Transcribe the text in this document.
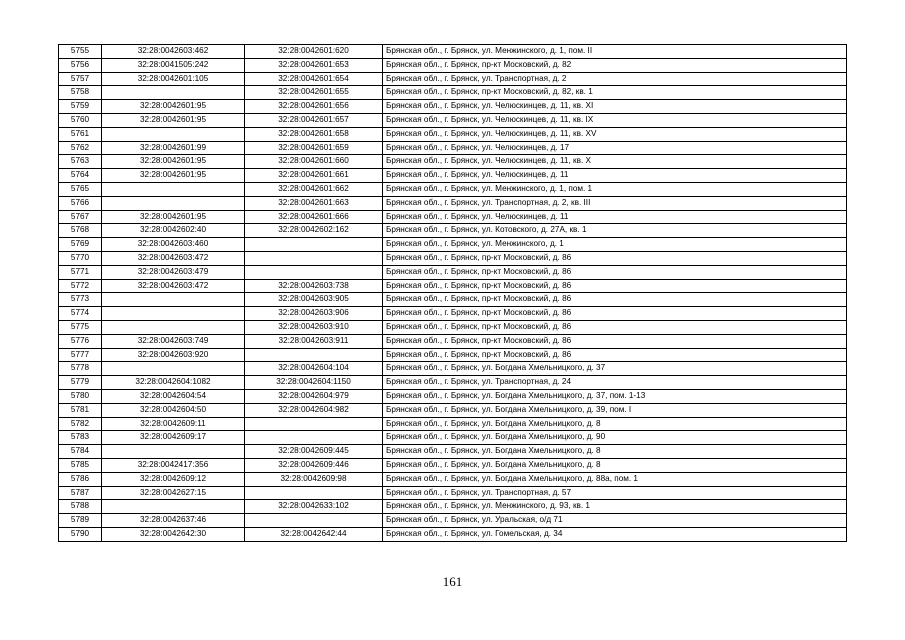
5755	32:28:0042603:462	32:28:0042601:620	Брянская обл., г. Брянск, ул. Менжинского, д. 1, пом. II
5756	32:28:0041505:242	32:28:0042601:653	Брянская обл., г. Брянск, пр-кт Московский, д. 82
5757	32:28:0042601:105	32:28:0042601:654	Брянская обл., г. Брянск, ул. Транспортная, д. 2
5758		32:28:0042601:655	Брянская обл., г. Брянск, пр-кт Московский, д. 82, кв. 1
5759	32:28:0042601:95	32:28:0042601:656	Брянская обл., г. Брянск, ул. Челюскинцев, д. 11, кв. XI
5760	32:28:0042601:95	32:28:0042601:657	Брянская обл., г. Брянск, ул. Челюскинцев, д. 11, кв. IX
5761		32:28:0042601:658	Брянская обл., г. Брянск, ул. Челюскинцев, д. 11, кв. XV
5762	32:28:0042601:99	32:28:0042601:659	Брянская обл., г. Брянск, ул. Челюскинцев, д. 17
5763	32:28:0042601:95	32:28:0042601:660	Брянская обл., г. Брянск, ул. Челюскинцев, д. 11, кв. X
5764	32:28:0042601:95	32:28:0042601:661	Брянская обл., г. Брянск, ул. Челюскинцев, д. 11
5765		32:28:0042601:662	Брянская обл., г. Брянск, ул. Менжинского, д. 1, пом. 1
5766		32:28:0042601:663	Брянская обл., г. Брянск, ул. Транспортная, д. 2, кв. III
5767	32:28:0042601:95	32:28:0042601:666	Брянская обл., г. Брянск, ул. Челюскинцев, д. 11
5768	32:28:0042602:40	32:28:0042602:162	Брянская обл., г. Брянск, ул. Котовского, д. 27А, кв. 1
5769	32:28:0042603:460		Брянская обл., г. Брянск, ул. Менжинского, д. 1
5770	32:28:0042603:472		Брянская обл., г. Брянск, пр-кт Московский, д. 86
5771	32:28:0042603:479		Брянская обл., г. Брянск, пр-кт Московский, д. 86
5772	32:28:0042603:472	32:28:0042603:738	Брянская обл., г. Брянск, пр-кт Московский, д. 86
5773		32:28:0042603:905	Брянская обл., г. Брянск, пр-кт Московский, д. 86
5774		32:28:0042603:906	Брянская обл., г. Брянск, пр-кт Московский, д. 86
5775		32:28:0042603:910	Брянская обл., г. Брянск, пр-кт Московский, д. 86
5776	32:28:0042603:749	32:28:0042603:911	Брянская обл., г. Брянск, пр-кт Московский, д. 86
5777	32:28:0042603:920		Брянская обл., г. Брянск, пр-кт Московский, д. 86
5778		32:28:0042604:104	Брянская обл., г. Брянск, ул. Богдана Хмельницкого, д. 37
5779	32:28:0042604:1082	32:28:0042604:1150	Брянская обл., г. Брянск, ул. Транспортная, д. 24
5780	32:28:0042604:54	32:28:0042604:979	Брянская обл., г. Брянск, ул. Богдана Хмельницкого, д. 37, пом. 1-13
5781	32:28:0042604:50	32:28:0042604:982	Брянская обл., г. Брянск, ул. Богдана Хмельницкого, д. 39, пом. I
5782	32:28:0042609:11		Брянская обл., г. Брянск, ул. Богдана Хмельницкого, д. 8
5783	32:28:0042609:17		Брянская обл., г. Брянск, ул. Богдана Хмельницкого, д. 90
5784		32:28:0042609:445	Брянская обл., г. Брянск, ул. Богдана Хмельницкого, д. 8
5785	32:28:0042417:356	32:28:0042609:446	Брянская обл., г. Брянск, ул. Богдана Хмельницкого, д. 8
5786	32:28:0042609:12	32:28:0042609:98	Брянская обл., г. Брянск, ул. Богдана Хмельницкого, д. 88а, пом. 1
5787	32:28:0042627:15		Брянская обл., г. Брянск, ул. Транспортная, д. 57
5788		32:28:0042633:102	Брянская обл., г. Брянск, ул. Менжинского, д. 93, кв. 1
5789	32:28:0042637:46		Брянская обл., г. Брянск, ул. Уральская, о/д 71
5790	32:28:0042642:30	32:28:0042642:44	Брянская обл., г. Брянск, ул. Гомельская, д. 34
161
